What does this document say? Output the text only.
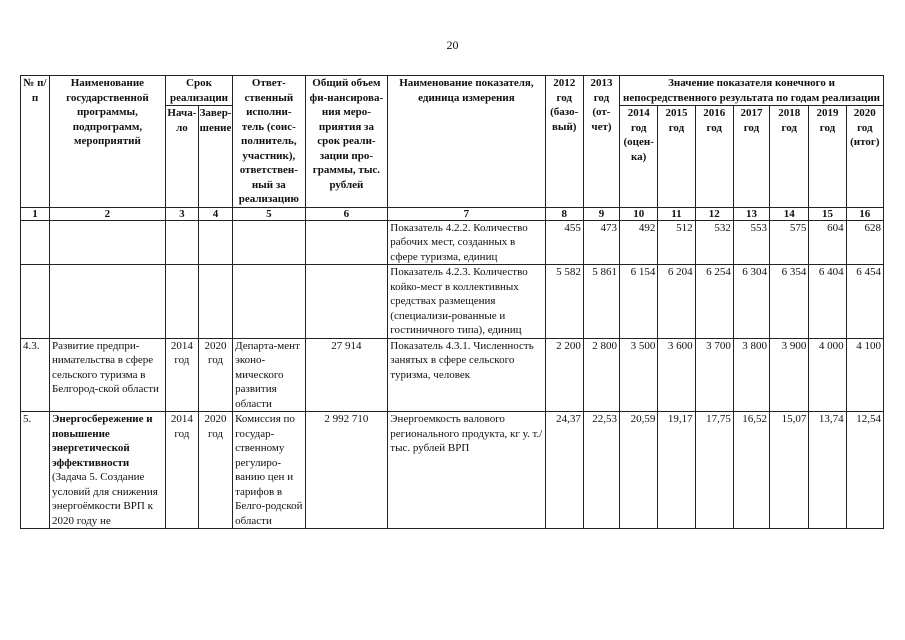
20
№ п/п	Наименование государственной программы, подпрограмм, мероприятий	Срок реализации		Ответ-ственный исполни-тель (соис-полнитель, участник), ответствен-ный за реализацию	Общий объем фи-нансирова-ния меро-приятия за срок реали-зации про-граммы, тыс. рублей	Наименование показателя, единица измерения	2012 год (базо-вый)	2013 год (от-чет)	Значение показателя конечного и непосредственного результата по годам реализации						
		Нача-ло	Завер-шение						2014 год (оцен-ка)	2015 год	2016 год	2017 год	2018 год	2019 год	2020 год (итог)

1	2	3	4	5	6	7	8	9	10	11	12	13	14	15	16
						Показатель 4.2.2. Количество рабочих мест, созданных в сфере туризма, единиц	455	473	492	512	532	553	575	604	628
						Показатель 4.2.3. Количество койко-мест в коллективных средствах размещения (специализи-рованные и гостиничного типа), единиц	5 582	5 861	6 154	6 204	6 254	6 304	6 354	6 404	6 454
4.3.	Развитие предпри-нимательства в сфере сельского туризма в Белгород-ской области	2014 год	2020 год	Департа-мент эконо-мического развития области	27 914	Показатель 4.3.1. Численность занятых в сфере сельского туризма, человек	2 200	2 800	3 500	3 600	3 700	3 800	3 900	4 000	4 100
5.	Энергосбережение и повышение энергетической эффективности (Задача 5. Создание условий для снижения энергоёмкости ВРП к 2020 году не	2014 год	2020 год	Комиссия по государ-ственному регулиро-ванию цен и тарифов в Белго-родской области	2 992 710	Энергоемкость валового регионального продукта, кг у. т./тыс. рублей ВРП	24,37	22,53	20,59	19,17	17,75	16,52	15,07	13,74	12,54
